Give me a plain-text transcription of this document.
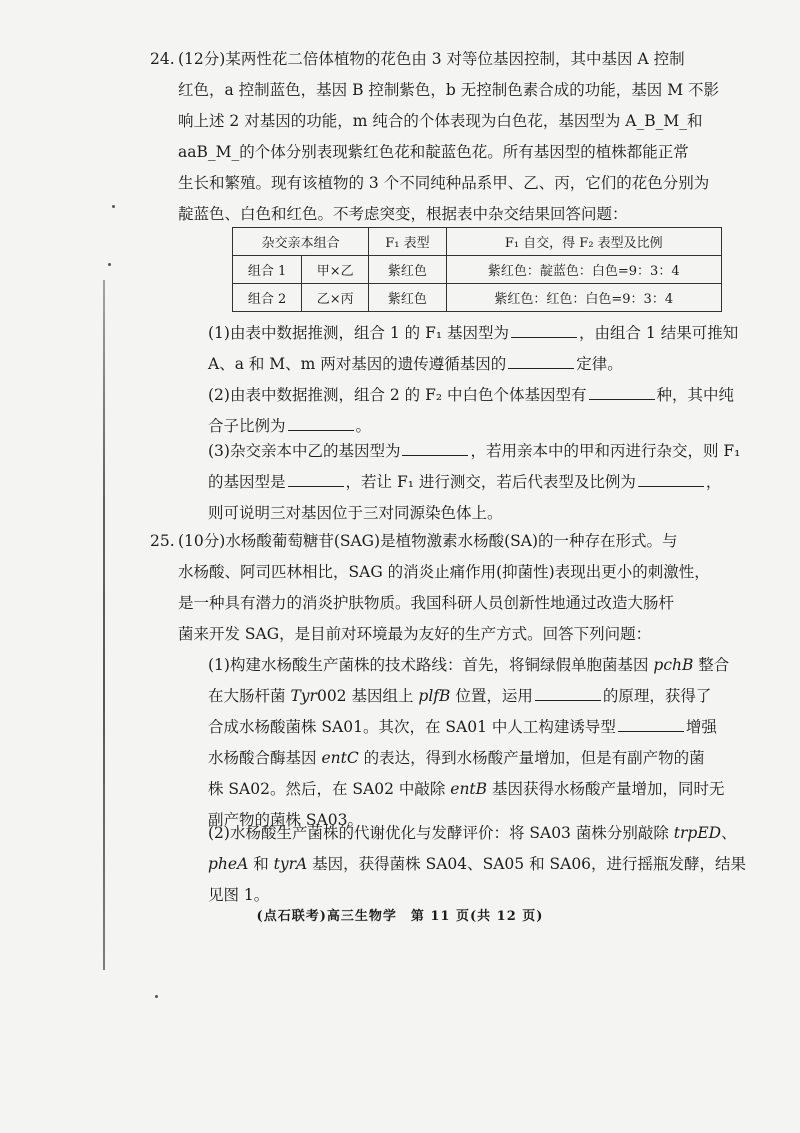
24. (12分)某两性花二倍体植物的花色由 3 对等位基因控制，其中基因 A 控制
红色，a 控制蓝色，基因 B 控制紫色，b 无控制色素合成的功能，基因 M 不影
响上述 2 对基因的功能，m 纯合的个体表现为白色花，基因型为 A_B_M_和
aaB_M_的个体分别表现紫红色花和靛蓝色花。所有基因型的植株都能正常
生长和繁殖。现有该植物的 3 个不同纯种品系甲、乙、丙，它们的花色分别为
靛蓝色、白色和红色。不考虑突变，根据表中杂交结果回答问题：

杂交亲本组合		F₁ 表型	F₁ 自交，得 F₂ 表型及比例
组合 1	甲×乙	紫红色	紫红色：靛蓝色：白色=9：3：4
组合 2	乙×丙	紫红色	紫红色：红色：白色=9：3：4

(1)由表中数据推测，组合 1 的 F₁ 基因型为	，由组合 1 结果可推知
A、a 和 M、m 两对基因的遗传遵循基因的	定律。

(2)由表中数据推测，组合 2 的 F₂ 中白色个体基因型有	种，其中纯
合子比例为	。

(3)杂交亲本中乙的基因型为	，若用亲本中的甲和丙进行杂交，则 F₁
的基因型是	，若让 F₁ 进行测交，若后代表型及比例为	，
则可说明三对基因位于三对同源染色体上。

25. (10分)水杨酸葡萄糖苷(SAG)是植物激素水杨酸(SA)的一种存在形式。与
水杨酸、阿司匹林相比，SAG 的消炎止痛作用(抑菌性)表现出更小的刺激性，
是一种具有潜力的消炎护肤物质。我国科研人员创新性地通过改造大肠杆
菌来开发 SAG，是目前对环境最为友好的生产方式。回答下列问题：

(1)构建水杨酸生产菌株的技术路线：首先，将铜绿假单胞菌基因 pchB 整合
在大肠杆菌 Tyr002 基因组上 plfB 位置，运用	的原理，获得了
合成水杨酸菌株 SA01。其次，在 SA01 中人工构建诱导型	增强
水杨酸合酶基因 entC 的表达，得到水杨酸产量增加，但是有副产物的菌
株 SA02。然后，在 SA02 中敲除 entB 基因获得水杨酸产量增加，同时无
副产物的菌株 SA03。

(2)水杨酸生产菌株的代谢优化与发酵评价：将 SA03 菌株分别敲除 trpED、
pheA 和 tyrA 基因，获得菌株 SA04、SA05 和 SA06，进行摇瓶发酵，结果
见图 1。

(点石联考)高三生物学　第 11 页(共 12 页)
